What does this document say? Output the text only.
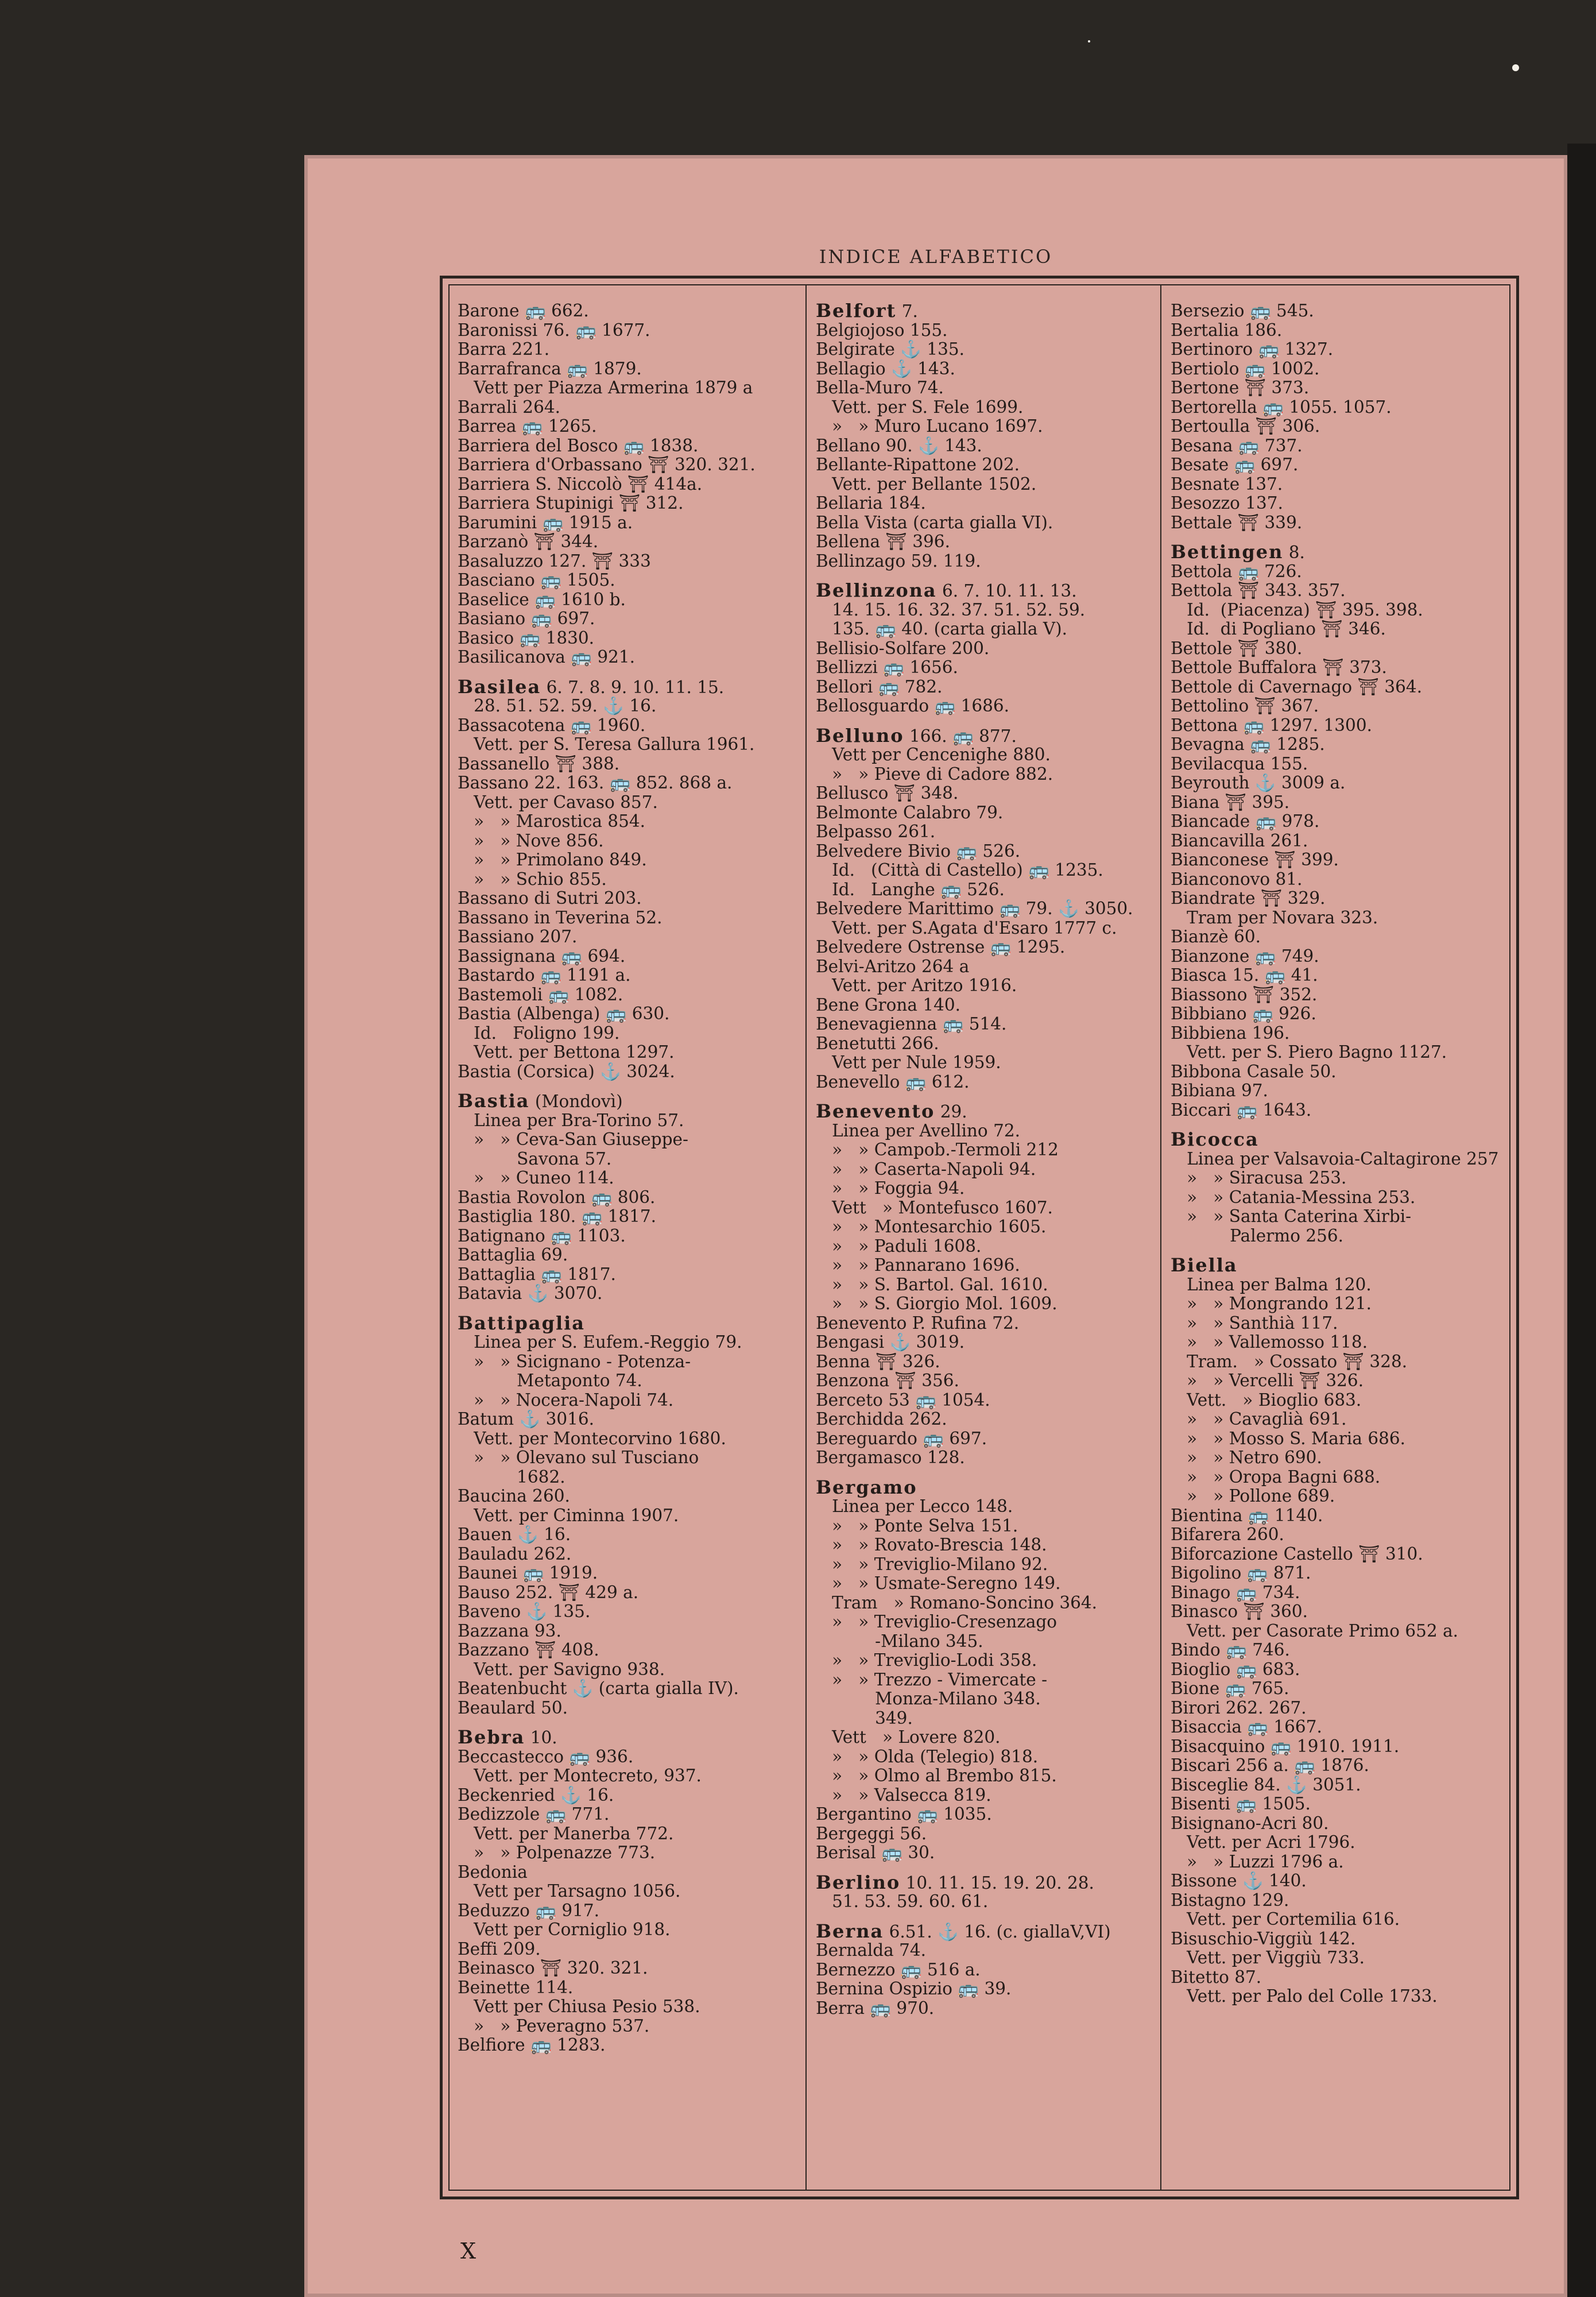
INDICE ALFABETICO
Barone 🚌 662.
Baronissi 76. 🚌 1677.
Barra 221.
Barrafranca 🚌 1879.
Vett per Piazza Armerina 1879 a
Barrali 264.
Barrea 🚌 1265.
Barriera del Bosco 🚌 1838.
Barriera d'Orbassano ⛩ 320. 321.
Barriera S. Niccolò ⛩ 414a.
Barriera Stupinigi ⛩ 312.
Barumini 🚌 1915 a.
Barzanò ⛩ 344.
Basaluzzo 127. ⛩ 333
Basciano 🚌 1505.
Baselice 🚌 1610 b.
Basiano 🚌 697.
Basico 🚌 1830.
Basilicanova 🚌 921.
Basilea 6. 7. 8. 9. 10. 11. 15.
28. 51. 52. 59. ⚓ 16.
Bassacotena 🚌 1960.
Vett. per S. Teresa Gallura 1961.
Bassanello ⛩ 388.
Bassano 22. 163. 🚌 852. 868 a.
Vett. per Cavaso 857.
»   » Marostica 854.
»   » Nove 856.
»   » Primolano 849.
»   » Schio 855.
Bassano di Sutri 203.
Bassano in Teverina 52.
Bassiano 207.
Bassignana 🚌 694.
Bastardo 🚌 1191 a.
Bastemoli 🚌 1082.
Bastia (Albenga) 🚌 630.
Id.   Foligno 199.
Vett. per Bettona 1297.
Bastia (Corsica) ⚓ 3024.
Bastia (Mondovì)
Linea per Bra-Torino 57.
»   » Ceva-San Giuseppe-
Savona 57.
»   » Cuneo 114.
Bastia Rovolon 🚌 806.
Bastiglia 180. 🚌 1817.
Batignano 🚌 1103.
Battaglia 69.
Battaglia 🚌 1817.
Batavia ⚓ 3070.
Battipaglia
Linea per S. Eufem.-Reggio 79.
»   » Sicignano - Potenza-
Metaponto 74.
»   » Nocera-Napoli 74.
Batum ⚓ 3016.
Vett. per Montecorvino 1680.
»   » Olevano sul Tusciano
1682.
Baucina 260.
Vett. per Ciminna 1907.
Bauen ⚓ 16.
Bauladu 262.
Baunei 🚌 1919.
Bauso 252. ⛩ 429 a.
Baveno ⚓ 135.
Bazzana 93.
Bazzano ⛩ 408.
Vett. per Savigno 938.
Beatenbucht ⚓ (carta gialla IV).
Beaulard 50.
Bebra 10.
Beccastecco 🚌 936.
Vett. per Montecreto, 937.
Beckenried ⚓ 16.
Bedizzole 🚌 771.
Vett. per Manerba 772.
»   » Polpenazze 773.
Bedonia
Vett per Tarsagno 1056.
Beduzzo 🚌 917.
Vett per Corniglio 918.
Beffi 209.
Beinasco ⛩ 320. 321.
Beinette 114.
Vett per Chiusa Pesio 538.
»   » Peveragno 537.
Belfiore 🚌 1283.
Belfort 7.
Belgiojoso 155.
Belgirate ⚓ 135.
Bellagio ⚓ 143.
Bella-Muro 74.
Vett. per S. Fele 1699.
»   » Muro Lucano 1697.
Bellano 90. ⚓ 143.
Bellante-Ripattone 202.
Vett. per Bellante 1502.
Bellaria 184.
Bella Vista (carta gialla VI).
Bellena ⛩ 396.
Bellinzago 59. 119.
Bellinzona 6. 7. 10. 11. 13.
14. 15. 16. 32. 37. 51. 52. 59.
135. 🚌 40. (carta gialla V).
Bellisio-Solfare 200.
Bellizzi 🚌 1656.
Bellori 🚌 782.
Bellosguardo 🚌 1686.
Belluno 166. 🚌 877.
Vett per Cencenighe 880.
»   » Pieve di Cadore 882.
Bellusco ⛩ 348.
Belmonte Calabro 79.
Belpasso 261.
Belvedere Bivio 🚌 526.
Id.   (Città di Castello) 🚌 1235.
Id.   Langhe 🚌 526.
Belvedere Marittimo 🚌 79. ⚓ 3050.
Vett. per S.Agata d'Esaro 1777 c.
Belvedere Ostrense 🚌 1295.
Belvi-Aritzo 264 a
Vett. per Aritzo 1916.
Bene Grona 140.
Benevagienna 🚌 514.
Benetutti 266.
Vett per Nule 1959.
Benevello 🚌 612.
Benevento 29.
Linea per Avellino 72.
»   » Campob.-Termoli 212
»   » Caserta-Napoli 94.
»   » Foggia 94.
Vett   » Montefusco 1607.
»   » Montesarchio 1605.
»   » Paduli 1608.
»   » Pannarano 1696.
»   » S. Bartol. Gal. 1610.
»   » S. Giorgio Mol. 1609.
Benevento P. Rufina 72.
Bengasi ⚓ 3019.
Benna ⛩ 326.
Benzona ⛩ 356.
Berceto 53 🚌 1054.
Berchidda 262.
Bereguardo 🚌 697.
Bergamasco 128.
Bergamo
Linea per Lecco 148.
»   » Ponte Selva 151.
»   » Rovato-Brescia 148.
»   » Treviglio-Milano 92.
»   » Usmate-Seregno 149.
Tram   » Romano-Soncino 364.
»   » Treviglio-Cresenzago
-Milano 345.
»   » Treviglio-Lodi 358.
»   » Trezzo - Vimercate -
Monza-Milano 348.
349.
Vett   » Lovere 820.
»   » Olda (Telegio) 818.
»   » Olmo al Brembo 815.
»   » Valsecca 819.
Bergantino 🚌 1035.
Bergeggi 56.
Berisal 🚌 30.
Berlino 10. 11. 15. 19. 20. 28.
51. 53. 59. 60. 61.
Berna 6.51. ⚓ 16. (c. giallaV,VI)
Bernalda 74.
Bernezzo 🚌 516 a.
Bernina Ospizio 🚌 39.
Berra 🚌 970.
Bersezio 🚌 545.
Bertalia 186.
Bertinoro 🚌 1327.
Bertiolo 🚌 1002.
Bertone ⛩ 373.
Bertorella 🚌 1055. 1057.
Bertoulla ⛩ 306.
Besana 🚌 737.
Besate 🚌 697.
Besnate 137.
Besozzo 137.
Bettale ⛩ 339.
Bettingen 8.
Bettola 🚌 726.
Bettola ⛩ 343. 357.
Id.  (Piacenza) ⛩ 395. 398.
Id.  di Pogliano ⛩ 346.
Bettole ⛩ 380.
Bettole Buffalora ⛩ 373.
Bettole di Cavernago ⛩ 364.
Bettolino ⛩ 367.
Bettona 🚌 1297. 1300.
Bevagna 🚌 1285.
Bevilacqua 155.
Beyrouth ⚓ 3009 a.
Biana ⛩ 395.
Biancade 🚌 978.
Biancavilla 261.
Bianconese ⛩ 399.
Bianconovo 81.
Biandrate ⛩ 329.
Tram per Novara 323.
Bianzè 60.
Bianzone 🚌 749.
Biasca 15. 🚌 41.
Biassono ⛩ 352.
Bibbiano 🚌 926.
Bibbiena 196.
Vett. per S. Piero Bagno 1127.
Bibbona Casale 50.
Bibiana 97.
Biccari 🚌 1643.
Bicocca
Linea per Valsavoia-Caltagirone 257
»   » Siracusa 253.
»   » Catania-Messina 253.
»   » Santa Caterina Xirbi-
Palermo 256.
Biella
Linea per Balma 120.
»   » Mongrando 121.
»   » Santhià 117.
»   » Vallemosso 118.
Tram.   » Cossato ⛩ 328.
»   » Vercelli ⛩ 326.
Vett.   » Bioglio 683.
»   » Cavaglià 691.
»   » Mosso S. Maria 686.
»   » Netro 690.
»   » Oropa Bagni 688.
»   » Pollone 689.
Bientina 🚌 1140.
Bifarera 260.
Biforcazione Castello ⛩ 310.
Bigolino 🚌 871.
Binago 🚌 734.
Binasco ⛩ 360.
Vett. per Casorate Primo 652 a.
Bindo 🚌 746.
Bioglio 🚌 683.
Bione 🚌 765.
Birori 262. 267.
Bisaccia 🚌 1667.
Bisacquino 🚌 1910. 1911.
Biscari 256 a. 🚌 1876.
Bisceglie 84. ⚓ 3051.
Bisenti 🚌 1505.
Bisignano-Acri 80.
Vett. per Acri 1796.
»   » Luzzi 1796 a.
Bissone ⚓ 140.
Bistagno 129.
Vett. per Cortemilia 616.
Bisuschio-Viggiù 142.
Vett. per Viggiù 733.
Bitetto 87.
Vett. per Palo del Colle 1733.
X
